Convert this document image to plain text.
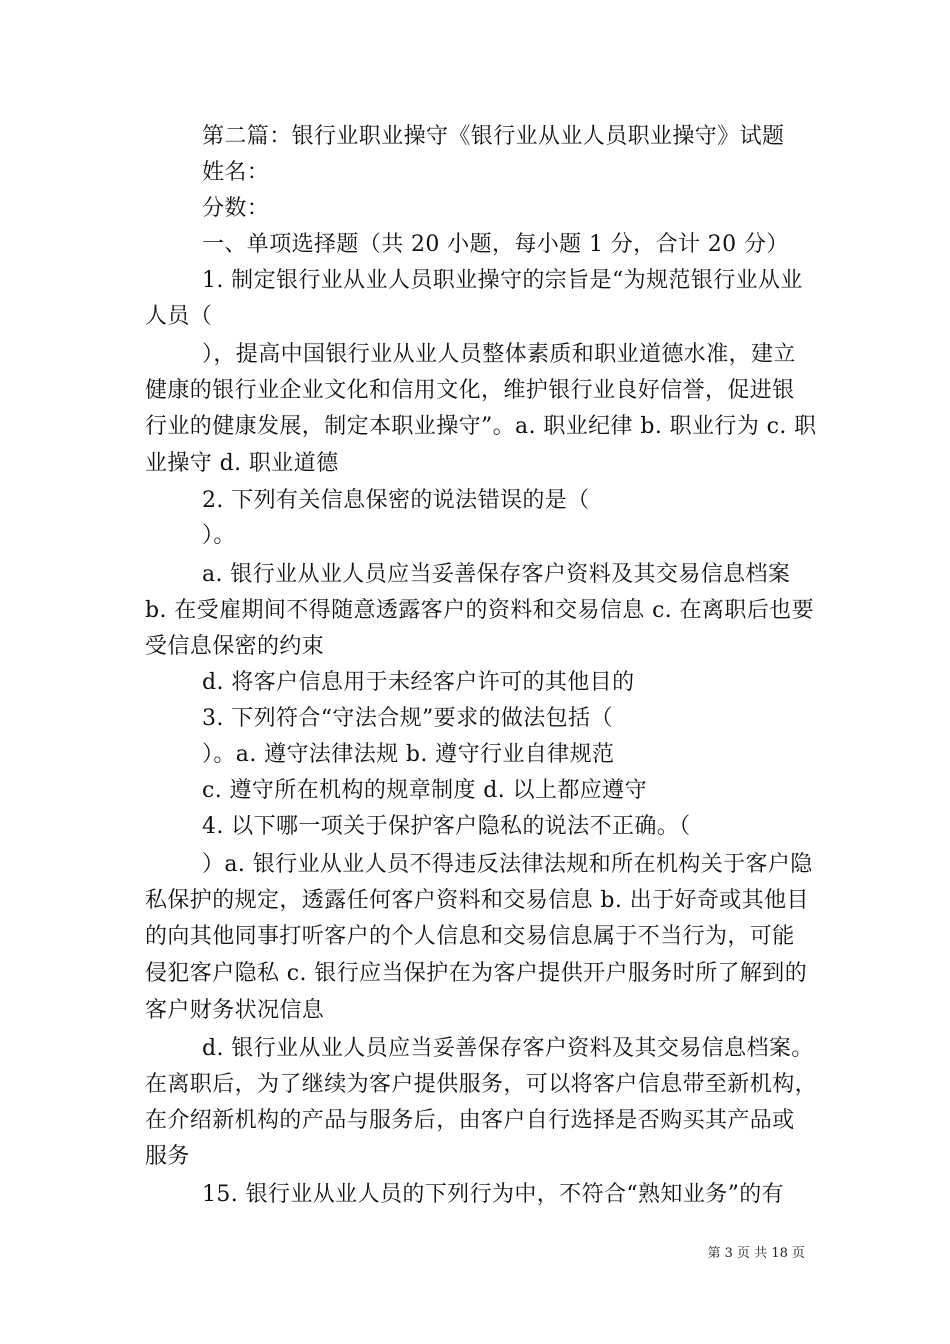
第二篇：银行业职业操守《银行业从业人员职业操守》试题
姓名：
分数：
一、单项选择题（共 20 小题，每小题 1 分，合计 20 分）
1. 制定银行业从业人员职业操守的宗旨是“为规范银行业从业
人员（
），提高中国银行业从业人员整体素质和职业道德水准，建立
健康的银行业企业文化和信用文化，维护银行业良好信誉，促进银
行业的健康发展，制定本职业操守”。a. 职业纪律 b. 职业行为 c. 职
业操守 d. 职业道德
2. 下列有关信息保密的说法错误的是（
）。
a. 银行业从业人员应当妥善保存客户资料及其交易信息档案
b. 在受雇期间不得随意透露客户的资料和交易信息 c. 在离职后也要
受信息保密的约束
d. 将客户信息用于未经客户许可的其他目的
3. 下列符合“守法合规”要求的做法包括（
）。a. 遵守法律法规 b. 遵守行业自律规范
c. 遵守所在机构的规章制度 d. 以上都应遵守
4. 以下哪一项关于保护客户隐私的说法不正确。（
）a. 银行业从业人员不得违反法律法规和所在机构关于客户隐
私保护的规定，透露任何客户资料和交易信息 b. 出于好奇或其他目
的向其他同事打听客户的个人信息和交易信息属于不当行为，可能
侵犯客户隐私 c. 银行应当保护在为客户提供开户服务时所了解到的
客户财务状况信息
d. 银行业从业人员应当妥善保存客户资料及其交易信息档案。
在离职后，为了继续为客户提供服务，可以将客户信息带至新机构，
在介绍新机构的产品与服务后，由客户自行选择是否购买其产品或
服务
15. 银行业从业人员的下列行为中，不符合“熟知业务”的有
第 3 页 共 18 页
